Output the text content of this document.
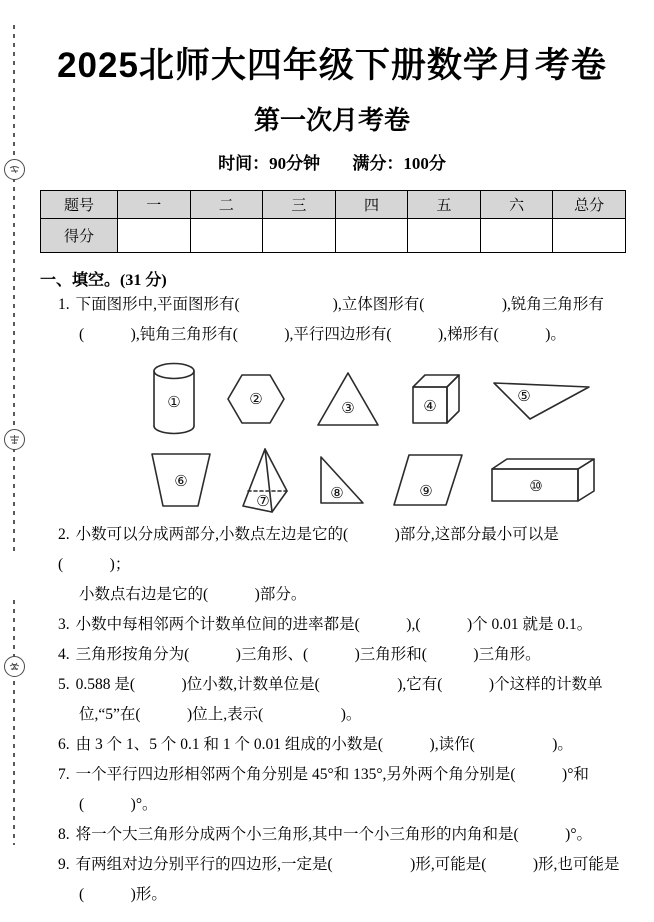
2025北师大四年级下册数学月考卷
第一次月考卷
时间：90分钟 满分：100分
题号	一	二	三	四	五	六	总分
得分							
一、填空。(31 分)
1. 下面图形中,平面图形有(　　　　　　),立体图形有(　　　　　),锐角三角形有
(　　　),钝角三角形有(　　　),平行四边形有(　　　),梯形有(　　　)。
①	②	③	④
⑤
⑥
⑦	⑧	⑨	⑩
2. 小数可以分成两部分,小数点左边是它的(　　　)部分,这部分最小可以是(　　　)；
小数点右边是它的(　　　)部分。
3. 小数中每相邻两个计数单位间的进率都是(　　　),(　　　)个 0.01 就是 0.1。
4. 三角形按角分为(　　　)三角形、(　　　)三角形和(　　　)三角形。
5. 0.588 是(　　　)位小数,计数单位是(　　　　　),它有(　　　)个这样的计数单
位,“5”在(　　　)位上,表示(　　　　　)。
6. 由 3 个 1、5 个 0.1 和 1 个 0.01 组成的小数是(　　　),读作(　　　　　)。
7. 一个平行四边形相邻两个角分别是 45°和 135°,另外两个角分别是(　　　)°和
(　　　)°。
8. 将一个大三角形分成两个小三角形,其中一个小三角形的内角和是(　　　)°。
9. 有两组对边分别平行的四边形,一定是(　　　　　)形,可能是(　　　)形,也可能是
(　　　)形。
